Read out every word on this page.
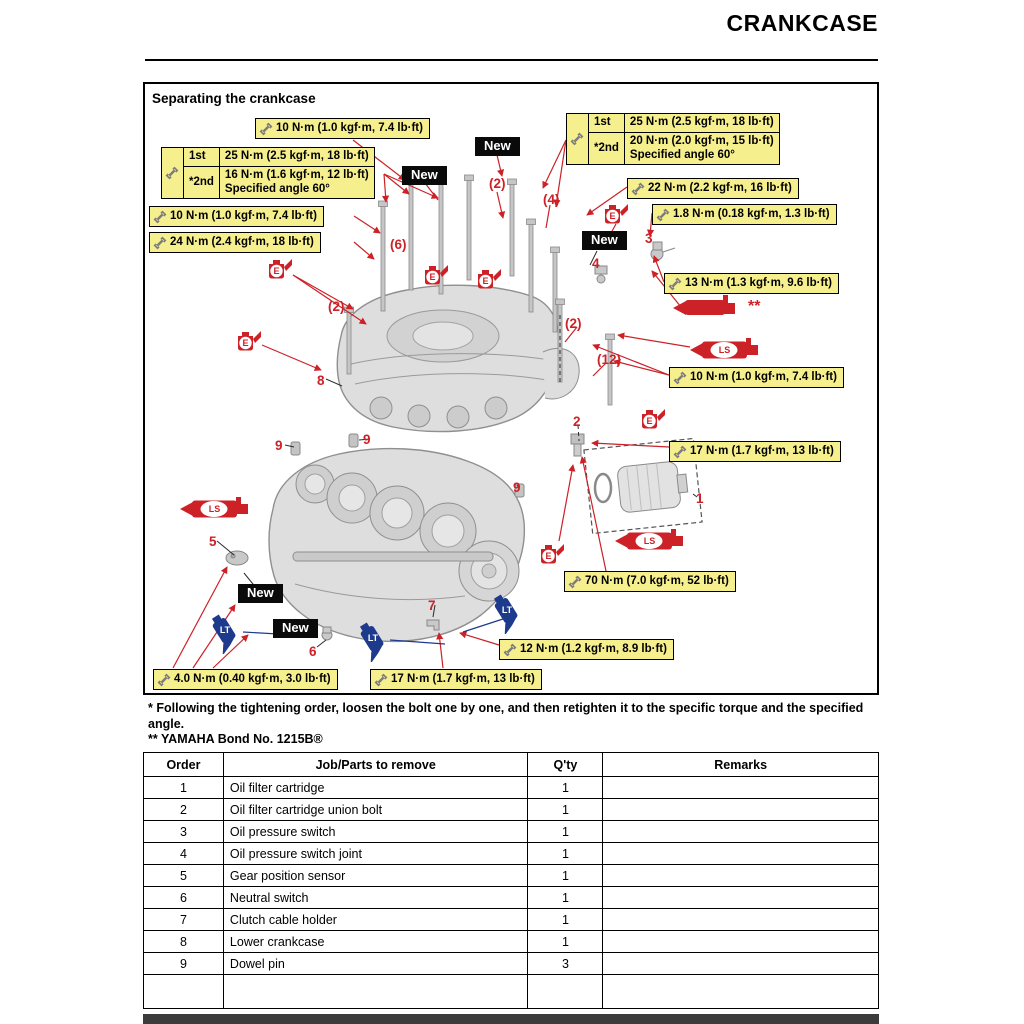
CRANKCASE
Separating the crankcase
10 N·m (1.0 kgf·m, 7.4 lb·ft)
10 N·m (1.0 kgf·m, 7.4 lb·ft)
24 N·m (2.4 kgf·m, 18 lb·ft)
22 N·m (2.2 kgf·m, 16 lb·ft)
1.8 N·m (0.18 kgf·m, 1.3 lb·ft)
13 N·m (1.3 kgf·m, 9.6 lb·ft)
10 N·m (1.0 kgf·m, 7.4 lb·ft)
17 N·m (1.7 kgf·m, 13 lb·ft)
70 N·m (7.0 kgf·m, 52 lb·ft)
12 N·m (1.2 kgf·m, 8.9 lb·ft)
4.0 N·m (0.40 kgf·m, 3.0 lb·ft)	17 N·m (1.7 kgf·m, 13 lb·ft)
	1st	25 N·m (2.5 kgf·m, 18 lb·ft)
	*2nd	16 N·m (1.6 kgf·m, 12 lb·ft)
Specified angle 60°
	1st	25 N·m (2.5 kgf·m, 18 lb·ft)
	*2nd	20 N·m (2.0 kgf·m, 15 lb·ft)
Specified angle 60°
New
New
New
New
New
E
E
E	E
E
E
E
LS
LS
LS
LT
LT
LT
(2)
(6)
(2)
(4)
(2)
(12)
3
4
2
1
8
9	9
9
5
6
7
**
* Following the tightening order, loosen the bolt one by one, and then retighten it to the specific torque and the specified angle.
** YAMAHA Bond No. 1215B®
Order	Job/Parts to remove	Q'ty	Remarks
1	Oil filter cartridge	1	
2	Oil filter cartridge union bolt	1	
3	Oil pressure switch	1	
4	Oil pressure switch joint	1	
5	Gear position sensor	1	
6	Neutral switch	1	
7	Clutch cable holder	1	
8	Lower crankcase	1	
9	Dowel pin	3	
